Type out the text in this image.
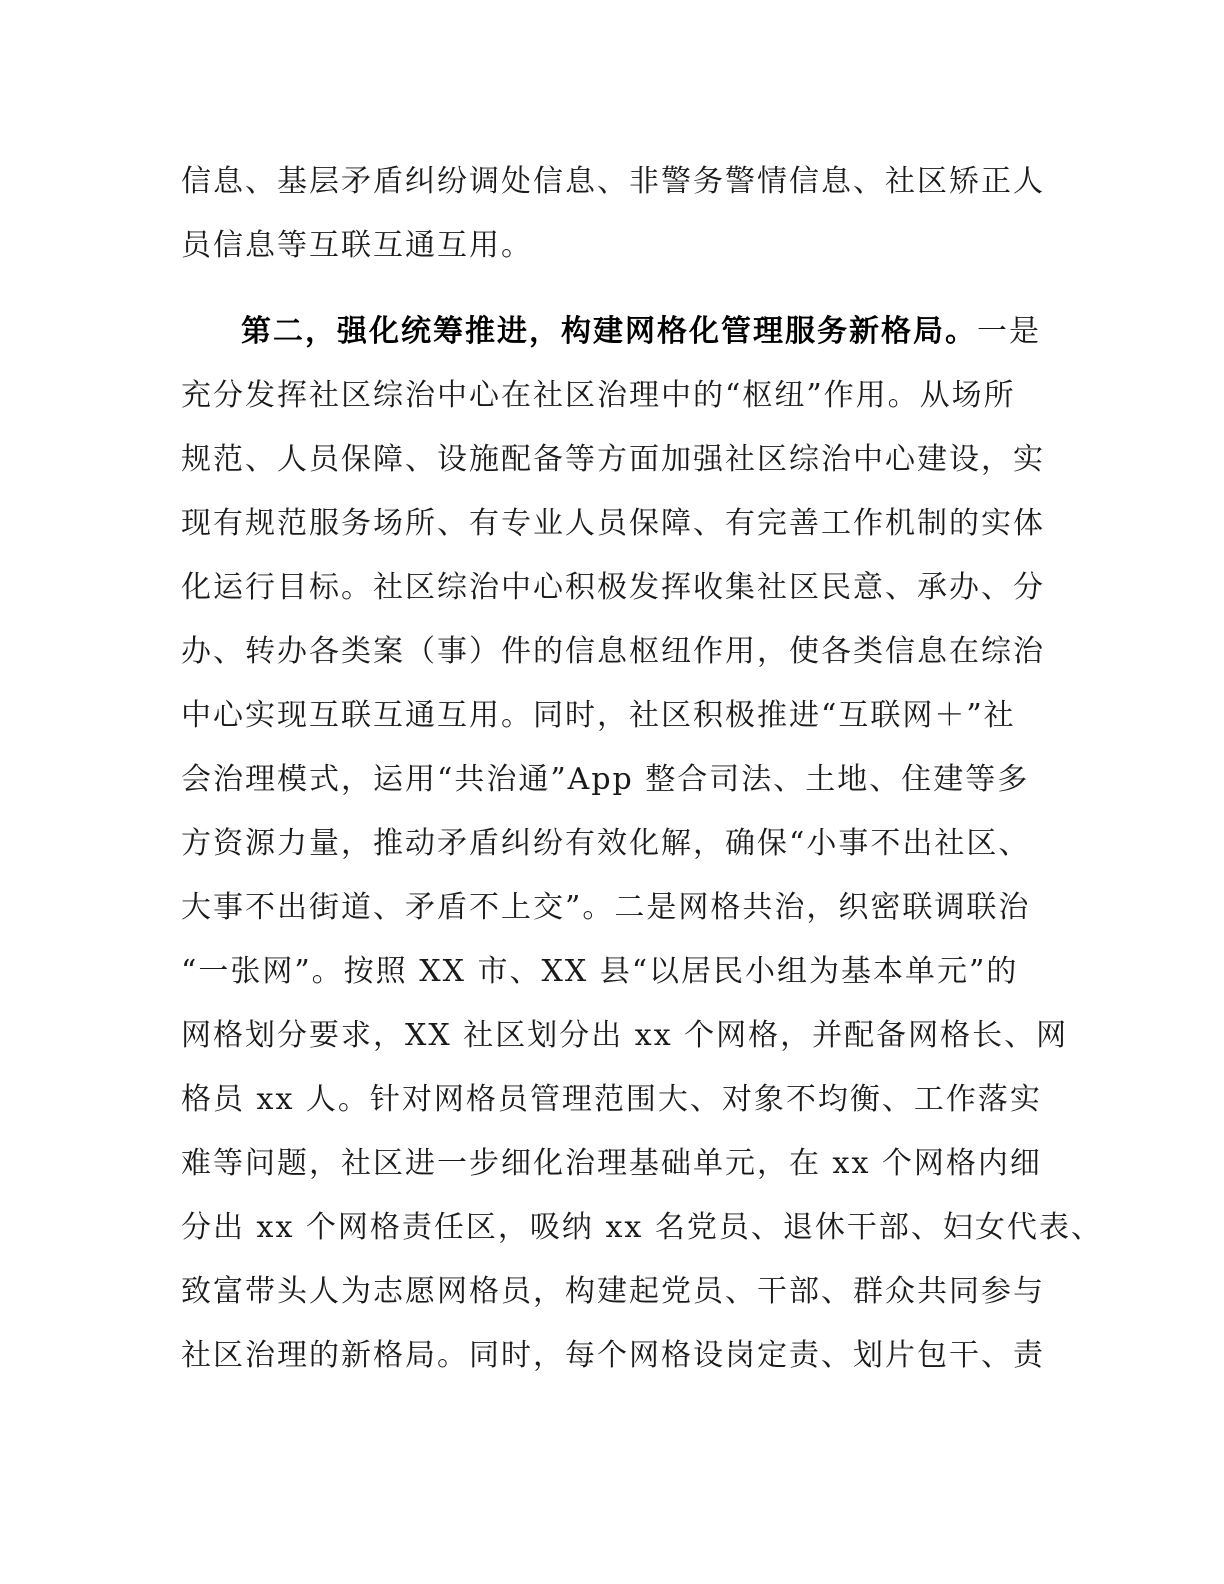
信息、基层矛盾纠纷调处信息、非警务警情信息、社区矫正人
员信息等互联互通互用。
第二，强化统筹推进，构建网格化管理服务新格局。一是
充分发挥社区综治中心在社区治理中的“枢纽”作用。从场所
规范、人员保障、设施配备等方面加强社区综治中心建设，实
现有规范服务场所、有专业人员保障、有完善工作机制的实体
化运行目标。社区综治中心积极发挥收集社区民意、承办、分
办、转办各类案（事）件的信息枢纽作用，使各类信息在综治
中心实现互联互通互用。同时，社区积极推进“互联网＋”社
会治理模式，运用“共治通”App 整合司法、土地、住建等多
方资源力量，推动矛盾纠纷有效化解，确保“小事不出社区、
大事不出街道、矛盾不上交”。二是网格共治，织密联调联治
“一张网”。按照 XX 市、XX 县“以居民小组为基本单元”的
网格划分要求，XX 社区划分出 xx 个网格，并配备网格长、网
格员 xx 人。针对网格员管理范围大、对象不均衡、工作落实
难等问题，社区进一步细化治理基础单元，在 xx 个网格内细
分出 xx 个网格责任区，吸纳 xx 名党员、退休干部、妇女代表、
致富带头人为志愿网格员，构建起党员、干部、群众共同参与
社区治理的新格局。同时，每个网格设岗定责、划片包干、责
